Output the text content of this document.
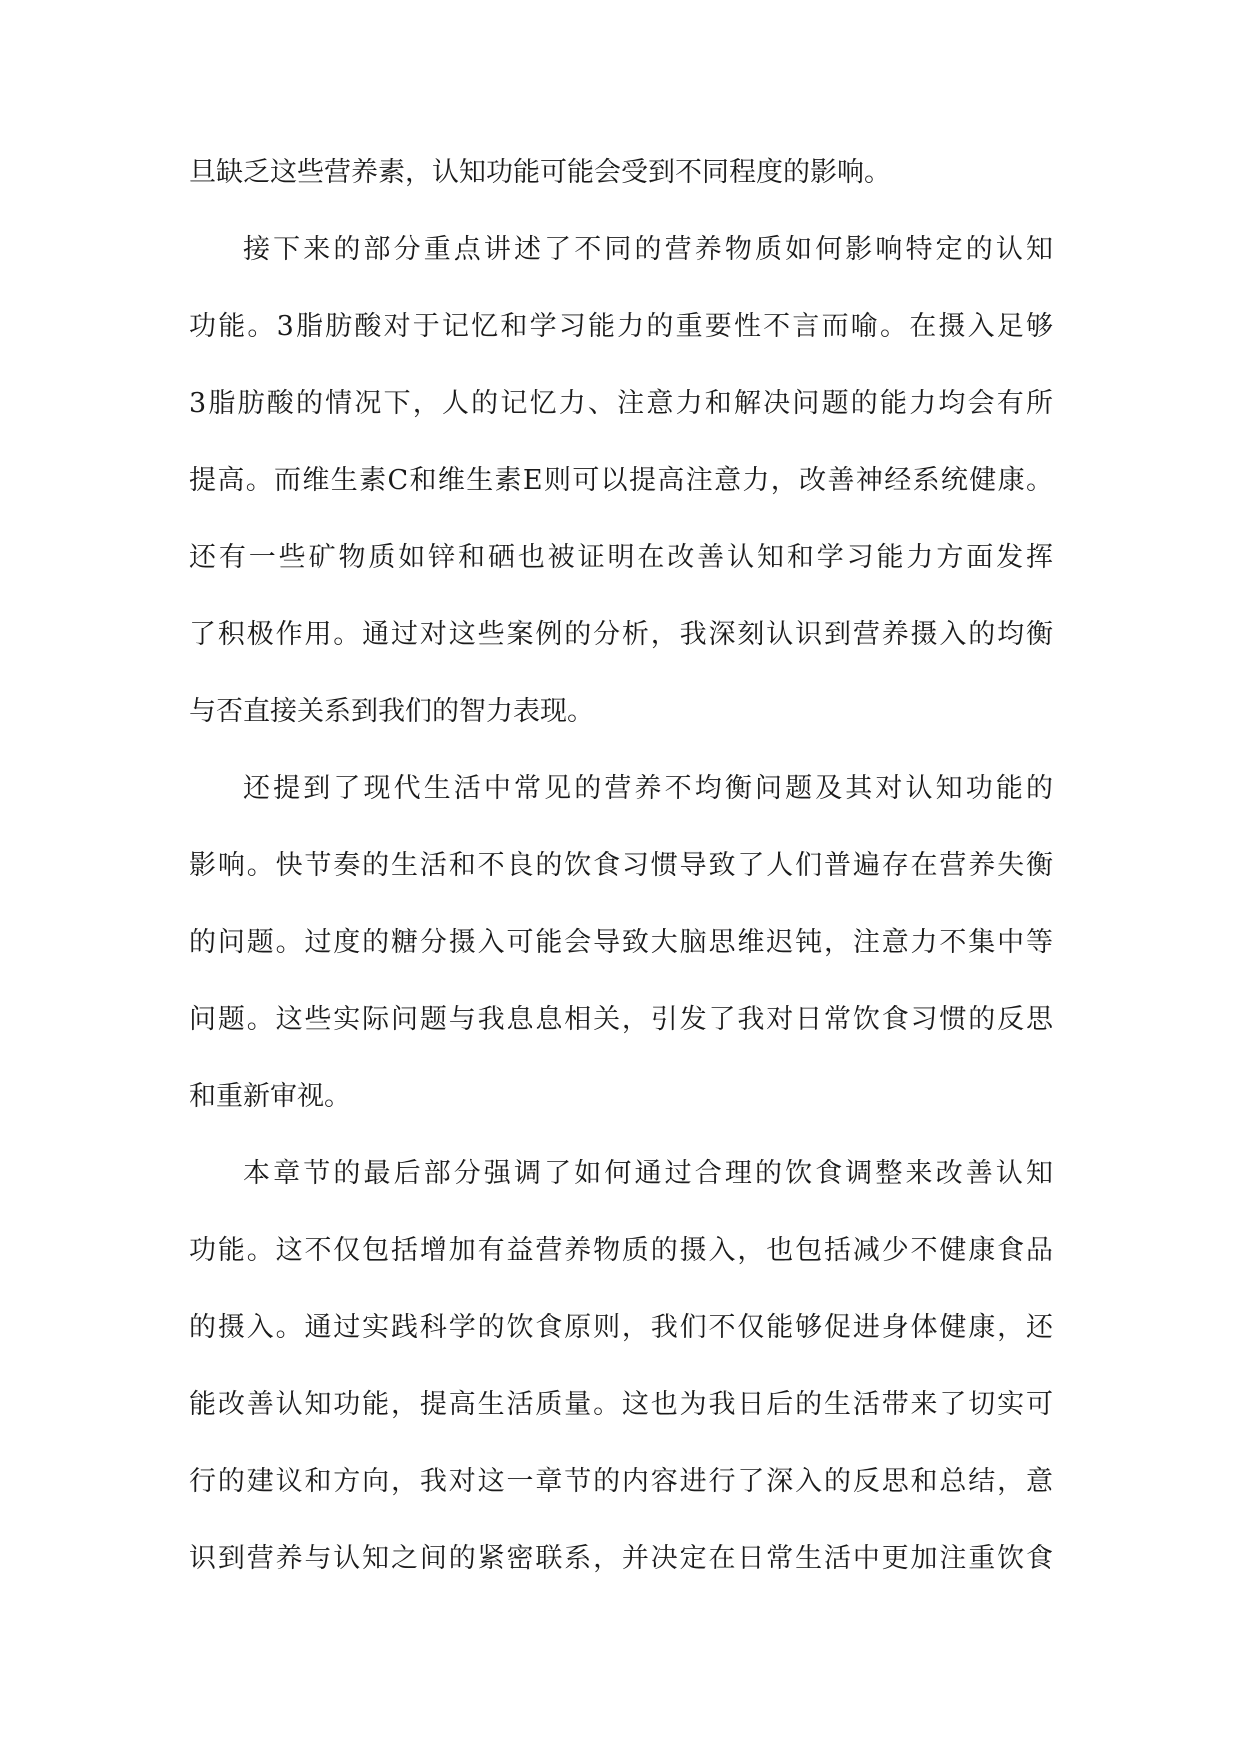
旦缺乏这些营养素，认知功能可能会受到不同程度的影响。
接下来的部分重点讲述了不同的营养物质如何影响特定的认知
功能。3脂肪酸对于记忆和学习能力的重要性不言而喻。在摄入足够
3脂肪酸的情况下，人的记忆力、注意力和解决问题的能力均会有所
提高。而维生素C和维生素E则可以提高注意力，改善神经系统健康。
还有一些矿物质如锌和硒也被证明在改善认知和学习能力方面发挥
了积极作用。通过对这些案例的分析，我深刻认识到营养摄入的均衡
与否直接关系到我们的智力表现。
还提到了现代生活中常见的营养不均衡问题及其对认知功能的
影响。快节奏的生活和不良的饮食习惯导致了人们普遍存在营养失衡
的问题。过度的糖分摄入可能会导致大脑思维迟钝，注意力不集中等
问题。这些实际问题与我息息相关，引发了我对日常饮食习惯的反思
和重新审视。
本章节的最后部分强调了如何通过合理的饮食调整来改善认知
功能。这不仅包括增加有益营养物质的摄入，也包括减少不健康食品
的摄入。通过实践科学的饮食原则，我们不仅能够促进身体健康，还
能改善认知功能，提高生活质量。这也为我日后的生活带来了切实可
行的建议和方向，我对这一章节的内容进行了深入的反思和总结，意
识到营养与认知之间的紧密联系，并决定在日常生活中更加注重饮食
